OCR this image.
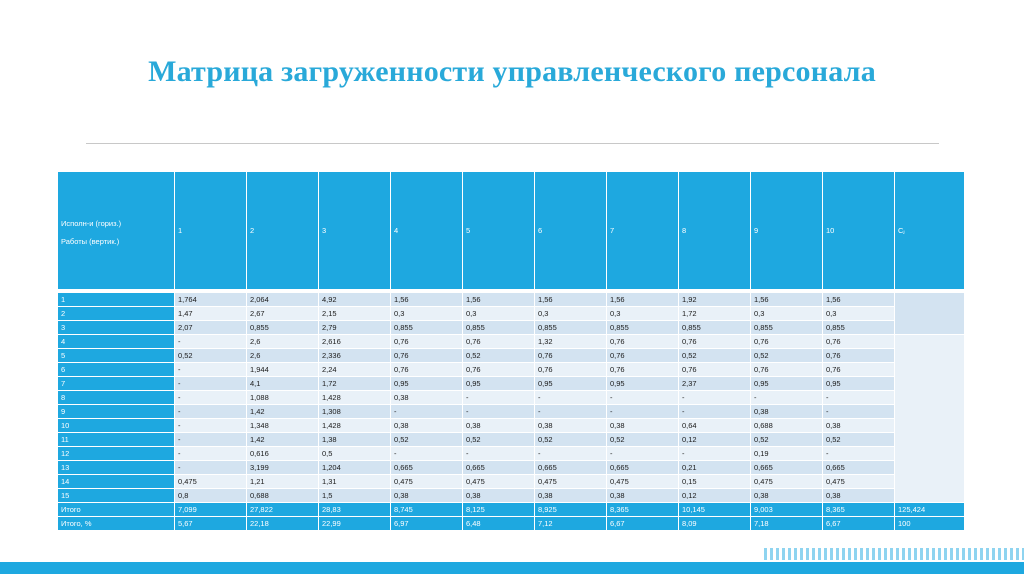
Матрица загруженности управленческого персонала
Исполн-и (гориз.)
Работы (вертик.)	1	2	3	4	5	6	7	8	9	10	Cⱼ

1	1,764	2,064	4,92	1,56	1,56	1,56	1,56	1,92	1,56	1,56	
2	1,47	2,67	2,15	0,3	0,3	0,3	0,3	1,72	0,3	0,3	
3	2,07	0,855	2,79	0,855	0,855	0,855	0,855	0,855	0,855	0,855	
4	-	2,6	2,616	0,76	0,76	1,32	0,76	0,76	0,76	0,76	
5	0,52	2,6	2,336	0,76	0,52	0,76	0,76	0,52	0,52	0,76	
6	-	1,944	2,24	0,76	0,76	0,76	0,76	0,76	0,76	0,76	
7	-	4,1	1,72	0,95	0,95	0,95	0,95	2,37	0,95	0,95	
8	-	1,088	1,428	0,38	-	-	-	-	-	-	
9	-	1,42	1,308	-	-	-	-	-	0,38	-	
10	-	1,348	1,428	0,38	0,38	0,38	0,38	0,64	0,688	0,38	
11	-	1,42	1,38	0,52	0,52	0,52	0,52	0,12	0,52	0,52	
12	-	0,616	0,5	-	-	-	-	-	0,19	-	
13	-	3,199	1,204	0,665	0,665	0,665	0,665	0,21	0,665	0,665	
14	0,475	1,21	1,31	0,475	0,475	0,475	0,475	0,15	0,475	0,475	
15	0,8	0,688	1,5	0,38	0,38	0,38	0,38	0,12	0,38	0,38	
Итого	7,099	27,822	28,83	8,745	8,125	8,925	8,365	10,145	9,003	8,365	125,424
Итого, %	5,67	22,18	22,99	6,97	6,48	7,12	6,67	8,09	7,18	6,67	100
